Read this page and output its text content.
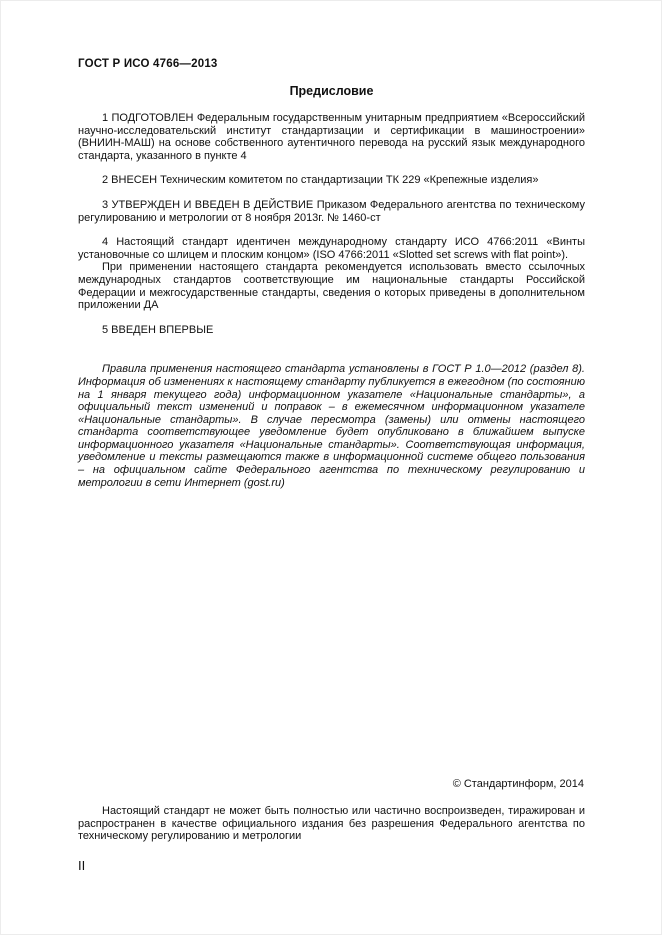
ГОСТ Р ИСО 4766—2013
Предисловие

1 ПОДГОТОВЛЕН Федеральным государственным унитарным предприятием «Всероссийский научно-исследовательский институт стандартизации и сертификации в машиностроении» (ВНИИН-МАШ) на основе собственного аутентичного перевода на русский язык международного стандарта, указанного в пункте 4

2 ВНЕСЕН Техническим комитетом по стандартизации ТК 229 «Крепежные изделия»

3 УТВЕРЖДЕН И ВВЕДЕН В ДЕЙСТВИЕ Приказом Федерального агентства по техническому регулированию и метрологии от 8 ноября 2013г. № 1460-ст

4 Настоящий стандарт идентичен международному стандарту ИСО 4766:2011 «Винты установочные со шлицем и плоским концом» (ISO 4766:2011 «Slotted set screws with flat point»).

При применении настоящего стандарта рекомендуется использовать вместо ссылочных международных стандартов соответствующие им национальные стандарты Российской Федерации и межгосударственные стандарты, сведения о которых приведены в дополнительном приложении ДА

5 ВВЕДЕН ВПЕРВЫЕ

Правила применения настоящего стандарта установлены в ГОСТ Р 1.0—2012 (раздел 8). Информация об изменениях к настоящему стандарту публикуется в ежегодном (по состоянию на 1 января текущего года) информационном указателе «Национальные стандарты», а официальный текст изменений и поправок – в ежемесячном информационном указателе «Национальные стандарты». В случае пересмотра (замены) или отмены настоящего стандарта соответствующее уведомление будет опубликовано в ближайшем выпуске информационного указателя «Национальные стандарты». Соответствующая информация, уведомление и тексты размещаются также в информационной системе общего пользования – на официальном сайте Федерального агентства по техническому регулированию и метрологии в сети Интернет (gost.ru)

© Стандартинформ, 2014

Настоящий стандарт не может быть полностью или частично воспроизведен, тиражирован и распространен в качестве официального издания без разрешения Федерального агентства по техническому регулированию и метрологии

II
